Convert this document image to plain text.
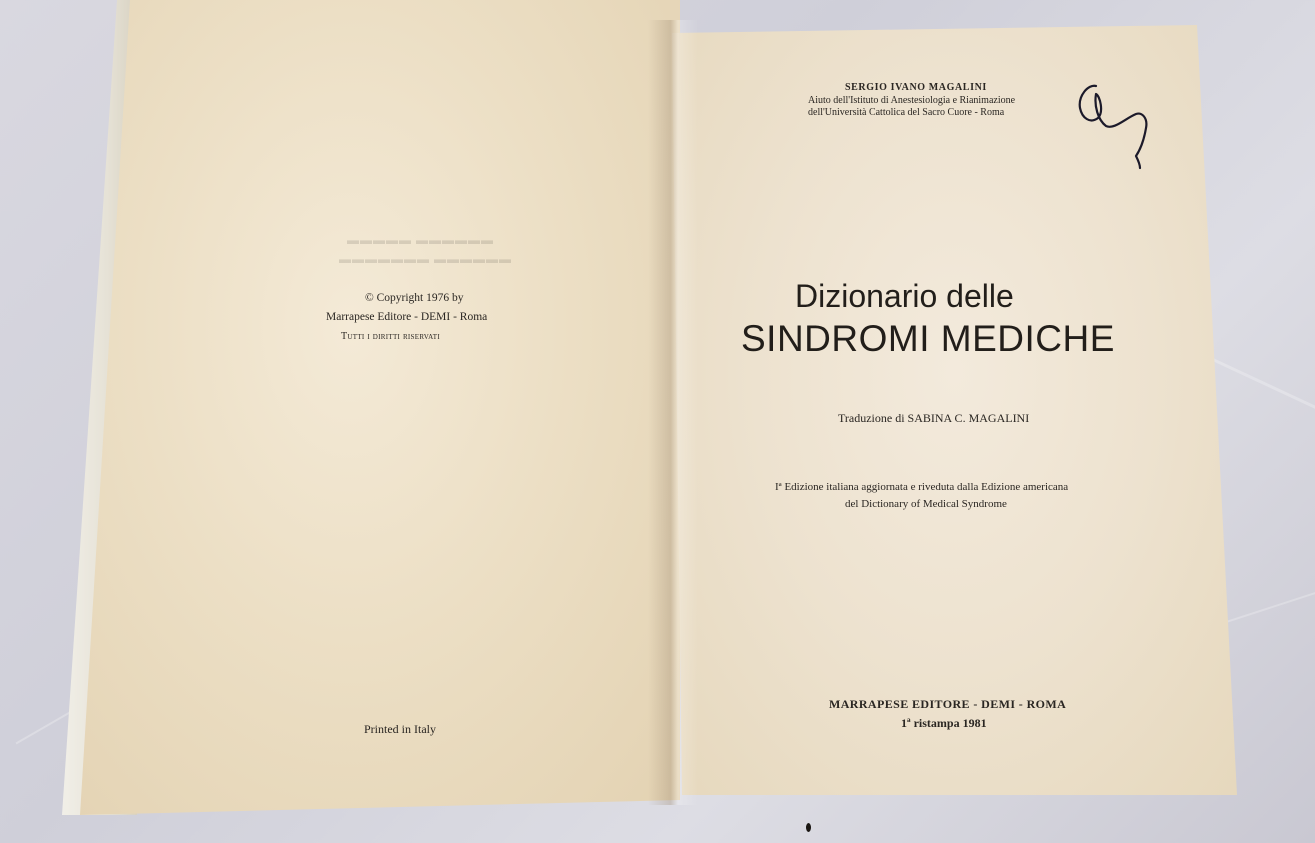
▬▬▬▬▬▬ ▬▬▬▬▬
▬▬▬▬▬▬ ▬▬▬▬▬▬▬
© Copyright 1976 by
Marrapese Editore - DEMI - Roma
Tutti i diritti riservati
Printed in Italy
SERGIO IVANO MAGALINI
Aiuto dell'Istituto di Anestesiologia e Rianimazione
dell'Università Cattolica del Sacro Cuore - Roma
Dizionario delle
SINDROMI MEDICHE
Traduzione di SABINA C. MAGALINI
Iª Edizione italiana aggiornata e riveduta dalla Edizione americana
del Dictionary of Medical Syndrome
MARRAPESE EDITORE - DEMI - ROMA
1ª ristampa 1981
